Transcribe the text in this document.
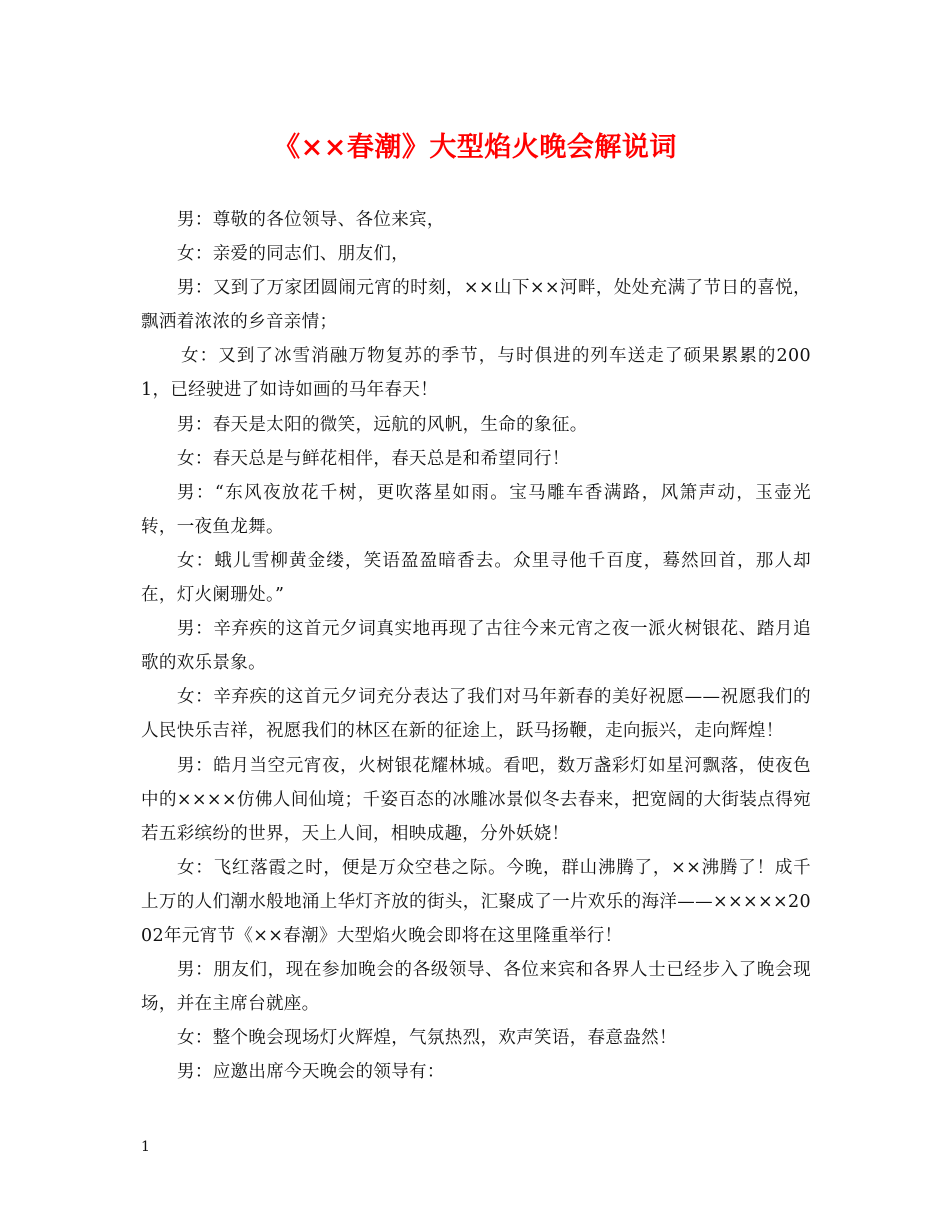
《××春潮》大型焰火晚会解说词

男：尊敬的各位领导、各位来宾，

女：亲爱的同志们、朋友们，

男：又到了万家团圆闹元宵的时刻，××山下××河畔，处处充满了节日的喜悦，飘洒着浓浓的乡音亲情；

女：又到了冰雪消融万物复苏的季节，与时俱进的列车送走了硕果累累的2001，已经驶进了如诗如画的马年春天！

男：春天是太阳的微笑，远航的风帆，生命的象征。

女：春天总是与鲜花相伴，春天总是和希望同行！

男：“东风夜放花千树，更吹落星如雨。宝马雕车香满路，风箫声动，玉壶光转，一夜鱼龙舞。

女：蛾儿雪柳黄金缕，笑语盈盈暗香去。众里寻他千百度，蓦然回首，那人却在，灯火阑珊处。”

男：辛弃疾的这首元夕词真实地再现了古往今来元宵之夜一派火树银花、踏月追歌的欢乐景象。

女：辛弃疾的这首元夕词充分表达了我们对马年新春的美好祝愿——祝愿我们的人民快乐吉祥，祝愿我们的林区在新的征途上，跃马扬鞭，走向振兴，走向辉煌！

男：皓月当空元宵夜，火树银花耀林城。看吧，数万盏彩灯如星河飘落，使夜色中的××××仿佛人间仙境；千姿百态的冰雕冰景似冬去春来，把宽阔的大街装点得宛若五彩缤纷的世界，天上人间，相映成趣，分外妖娆！

女：飞红落霞之时，便是万众空巷之际。今晚，群山沸腾了，××沸腾了！成千上万的人们潮水般地涌上华灯齐放的街头，汇聚成了一片欢乐的海洋——×××××2002年元宵节《××春潮》大型焰火晚会即将在这里隆重举行！

男：朋友们，现在参加晚会的各级领导、各位来宾和各界人士已经步入了晚会现场，并在主席台就座。

女：整个晚会现场灯火辉煌，气氛热烈，欢声笑语，春意盎然！

男：应邀出席今天晚会的领导有：

1
